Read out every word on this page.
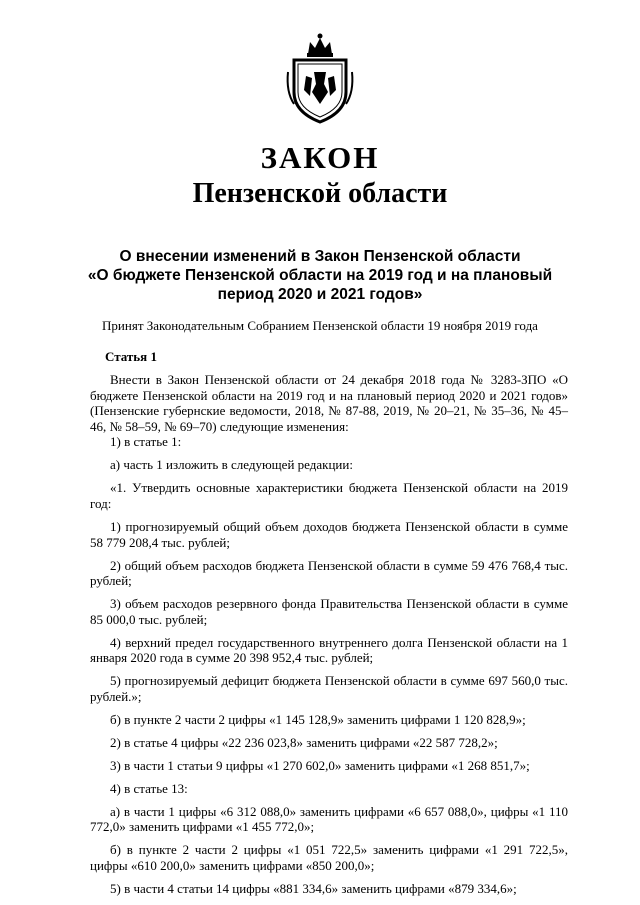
ЗАКОН
Пензенской области
О внесении изменений в Закон Пензенской области
«О бюджете Пензенской области на 2019 год и на плановый
период 2020 и 2021 годов»
Принят Законодательным Собранием Пензенской области 19 ноября 2019 года
Статья 1

Внести в Закон Пензенской области от 24 декабря 2018 года № 3283-ЗПО «О бюджете Пензенской области на 2019 год и на плановый период 2020 и 2021 годов» (Пензенские губернские ведомости, 2018, № 87-88, 2019, № 20–21, № 35–36, № 45–46, № 58–59, № 69–70) следующие изменения:

1) в статье 1:

а) часть 1 изложить в следующей редакции:

«1. Утвердить основные характеристики бюджета Пензенской области на 2019 год:

1) прогнозируемый общий объем доходов бюджета Пензенской области в сумме 58 779 208,4 тыс. рублей;

2) общий объем расходов бюджета Пензенской области в сумме 59 476 768,4 тыс. рублей;

3) объем расходов резервного фонда Правительства Пензенской области в сумме 85 000,0 тыс. рублей;

4) верхний предел государственного внутреннего долга Пензенской области на 1 января 2020 года в сумме 20 398 952,4 тыс. рублей;

5) прогнозируемый дефицит бюджета Пензенской области в сумме 697 560,0 тыс. рублей.»;

б) в пункте 2 части 2 цифры «1 145 128,9» заменить цифрами 1 120 828,9»;

2) в статье 4 цифры «22 236 023,8» заменить цифрами «22 587 728,2»;

3) в части 1 статьи 9 цифры «1 270 602,0» заменить цифрами «1 268 851,7»;

4) в статье 13:

а) в части 1 цифры «6 312 088,0» заменить цифрами «6 657 088,0», цифры «1 110 772,0» заменить цифрами «1 455 772,0»;

б) в пункте 2 части 2 цифры «1 051 722,5» заменить цифрами «1 291 722,5», цифры «610 200,0» заменить цифрами «850 200,0»;

5) в части 4 статьи 14 цифры «881 334,6» заменить цифрами «879 334,6»;
